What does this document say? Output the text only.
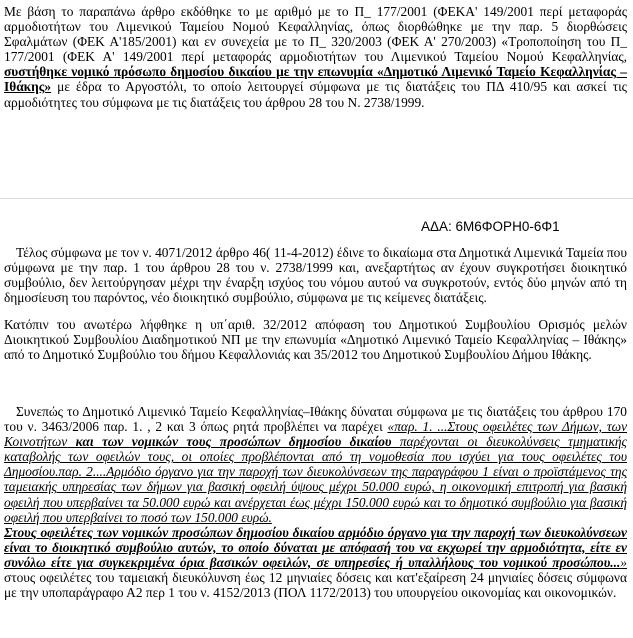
Με βάση το παραπάνω άρθρο εκδόθηκε το με αριθμό με το Π_ 177/2001 (ΦΕΚΑ' 149/2001 περί μεταφοράς αρμοδιοτήτων του Λιμενικού Ταμείου Νομού Κεφαλληνίας, όπως διορθώθηκε με την παρ. 5 διορθώσεις Σφαλμάτων (ΦΕΚ Α'185/2001) και εν συνεχεία με το Π_ 320/2003 (ΦΕΚ Α' 270/2003) «Τροποποίηση του Π_ 177/2001 (ΦΕΚ Α' 149/2001 περί μεταφοράς αρμοδιοτήτων του Λιμενικού Ταμείου Νομού Κεφαλληνίας, συστήθηκε νομικό πρόσωπο δημοσίου δικαίου με την επωνυμία «Δημοτικό Λιμενικό Ταμείο Κεφαλληνίας – Ιθάκης» με έδρα το Αργοστόλι, το οποίο λειτουργεί σύμφωνα με τις διατάξεις του ΠΔ 410/95 και ασκεί τις αρμοδιότητες του σύμφωνα με τις διατάξεις του άρθρου 28 του Ν. 2738/1999.

ΑΔΑ: 6Μ6ΦΟΡΗ0-6Φ1

Τέλος σύμφωνα με τον ν. 4071/2012 άρθρο 46( 11-4-2012) έδινε το δικαίωμα στα Δημοτικά Λιμενικά Ταμεία που σύμφωνα με την παρ. 1 του άρθρου 28 του ν. 2738/1999 και, ανεξαρτήτως αν έχουν συγκροτήσει διοικητικό συμβούλιο, δεν λειτούργησαν μέχρι την έναρξη ισχύος του νόμου αυτού να συγκροτούν, εντός δύο μηνών από τη δημοσίευση του παρόντος, νέο διοικητικό συμβούλιο, σύμφωνα με τις κείμενες διατάξεις.

Κατόπιν του ανωτέρω λήφθηκε η υπ΄αριθ. 32/2012 απόφαση του Δημοτικού Συμβουλίου Ορισμός μελών Διοικητικού Συμβουλίου Διαδημοτικού ΝΠ με την επωνυμία «Δημοτικό Λιμενικό Ταμείο Κεφαλληνίας – Ιθάκης» από το Δημοτικό Συμβούλιο του δήμου Κεφαλλονιάς και 35/2012 του Δημοτικού Συμβουλίου Δήμου Ιθάκης.

Συνεπώς το Δημοτικό Λιμενικό Ταμείο Κεφαλληνίας–Ιθάκης δύναται σύμφωνα με τις διατάξεις του άρθρου 170 του ν. 3463/2006 παρ. 1. , 2 και 3 όπως ρητά προβλέπει να παρέχει «παρ. 1. ...Στους οφειλέτες των Δήμων, των Κοινοτήτων και των νομικών τους προσώπων δημοσίου δικαίου παρέχονται οι διευκολύνσεις τμηματικής καταβολής των οφειλών τους, οι οποίες προβλέπονται από τη νομοθεσία που ισχύει για τους οφειλέτες του Δημοσίου.παρ. 2....Αρμόδιο όργανο για την παροχή των διευκολύνσεων της παραγράφου 1 είναι ο προϊστάμενος της ταμειακής υπηρεσίας των δήμων για βασική οφειλή ύψους μέχρι 50.000 ευρώ, η οικονομική επιτροπή για βασική οφειλή που υπερβαίνει τα 50.000 ευρώ και ανέρχεται έως μέχρι 150.000 ευρώ και το δημοτικό συμβούλιο για βασική οφειλή που υπερβαίνει το ποσό των 150.000 ευρώ.
Στους οφειλέτες των νομικών προσώπων δημοσίου δικαίου αρμόδιο όργανο για την παροχή των διευκολύνσεων είναι το διοικητικό συμβούλιο αυτών, το οποίο δύναται με απόφασή του να εκχωρεί την αρμοδιότητα, είτε εν συνόλω είτε για συγκεκριμένα όρια βασικών οφειλών, σε υπηρεσίες ή υπαλλήλους του νομικού προσώπου...» στους οφειλέτες του ταμειακή διευκόλυνση έως 12 μηνιαίες δόσεις και κατ'εξαίρεση 24 μηνιαίες δόσεις σύμφωνα με την υποπαράγραφο Α2 περ 1 του ν. 4152/2013 (ΠΟΛ 1172/2013) του υπουργείου οικονομίας και οικονομικών.
